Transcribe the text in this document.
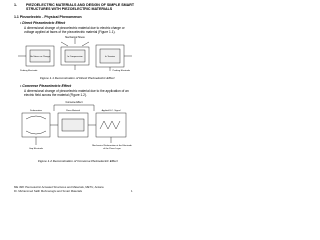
1.	PIEZOELECTRIC MATERIALS AND DESIGN OF SIMPLE SMART STRUCTURES WITH PIEZOELECTRIC MATERIALS
1.1 Piezoelectric - Physical Phenomenon
• Direct Piezoelectric Effect
A dimensional change of piezoelectric material due to electric charge or voltage applied at faces of the piezoelectric material (Figure 1.1).
Mechanical Stress
No Stress or Charge	In Compression	In Tension
Probing Electrode	Probing Electrode
Figure 1.1 Demonstration of Direct Piezoelectric Effect
• Converse Piezoelectric Effect
A dimensional change of piezoelectric material due to the application of an electric field across the material (Figure 1.2).
Converse Effect
Deformation	Piezo Material	Applied E.C. Signal
Gap Electrode
Mechanical Deformation at the Electrode of the Piezo Layer
Figure 1.2 Demonstration of Converse Piezoelectric Effect
ME 498: Piezoelectric Actuated Structures and Materials, METU, Ankara
Dr. Muhammed Salih Mehmetoglu and Smart Materials	1
